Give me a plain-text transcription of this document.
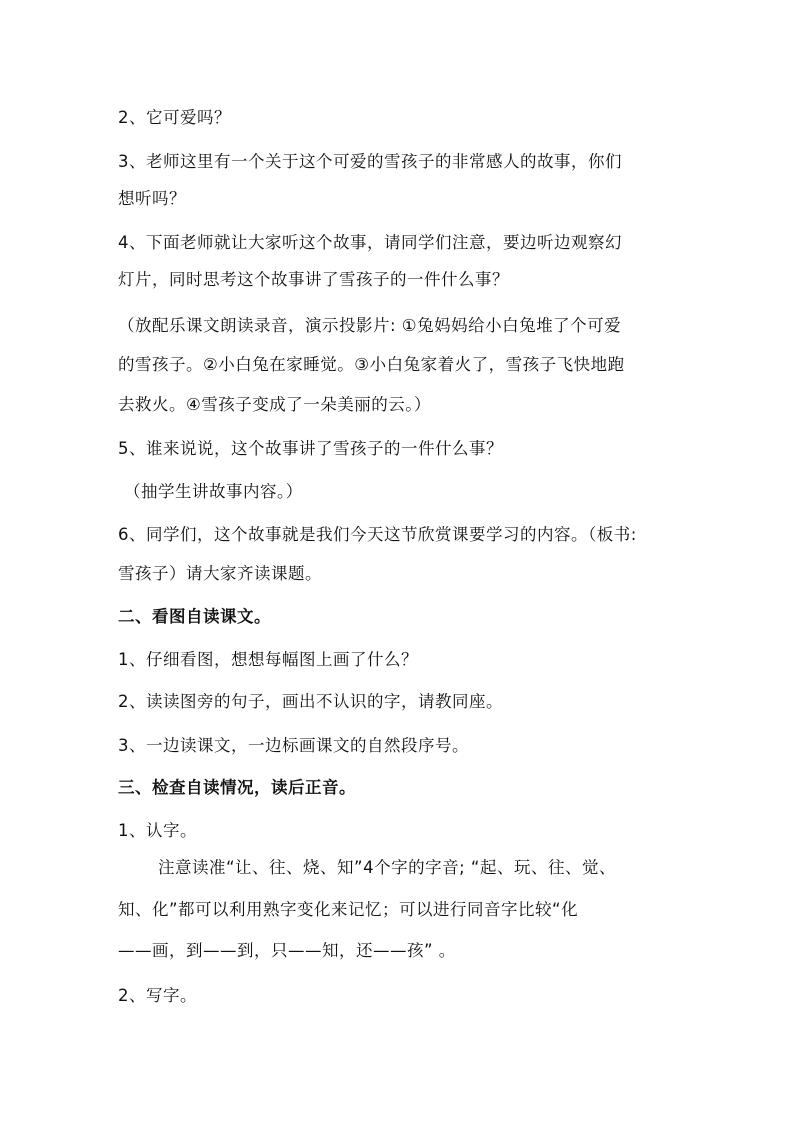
2、它可爱吗？
3、老师这里有一个关于这个可爱的雪孩子的非常感人的故事，你们
想听吗？
4、下面老师就让大家听这个故事，请同学们注意，要边听边观察幻
灯片，同时思考这个故事讲了雪孩子的一件什么事？
（放配乐课文朗读录音，演示投影片: ①兔妈妈给小白兔堆了个可爱
的雪孩子。②小白兔在家睡觉。③小白兔家着火了，雪孩子飞快地跑
去救火。④雪孩子变成了一朵美丽的云。）
5、谁来说说，这个故事讲了雪孩子的一件什么事？
（抽学生讲故事内容。）
6、同学们，这个故事就是我们今天这节欣赏课要学习的内容。（板书:
雪孩子）请大家齐读课题。
二、看图自读课文。
1、仔细看图，想想每幅图上画了什么？
2、读读图旁的句子，画出不认识的字，请教同座。
3、一边读课文，一边标画课文的自然段序号。
三、检查自读情况，读后正音。
1、认字。
注意读准“让、往、烧、知”4个字的字音; “起、玩、往、觉、
知、化”都可以利用熟字变化来记忆；可以进行同音字比较“化
——画，到——到，只——知，还——孩” 。
2、写字。
